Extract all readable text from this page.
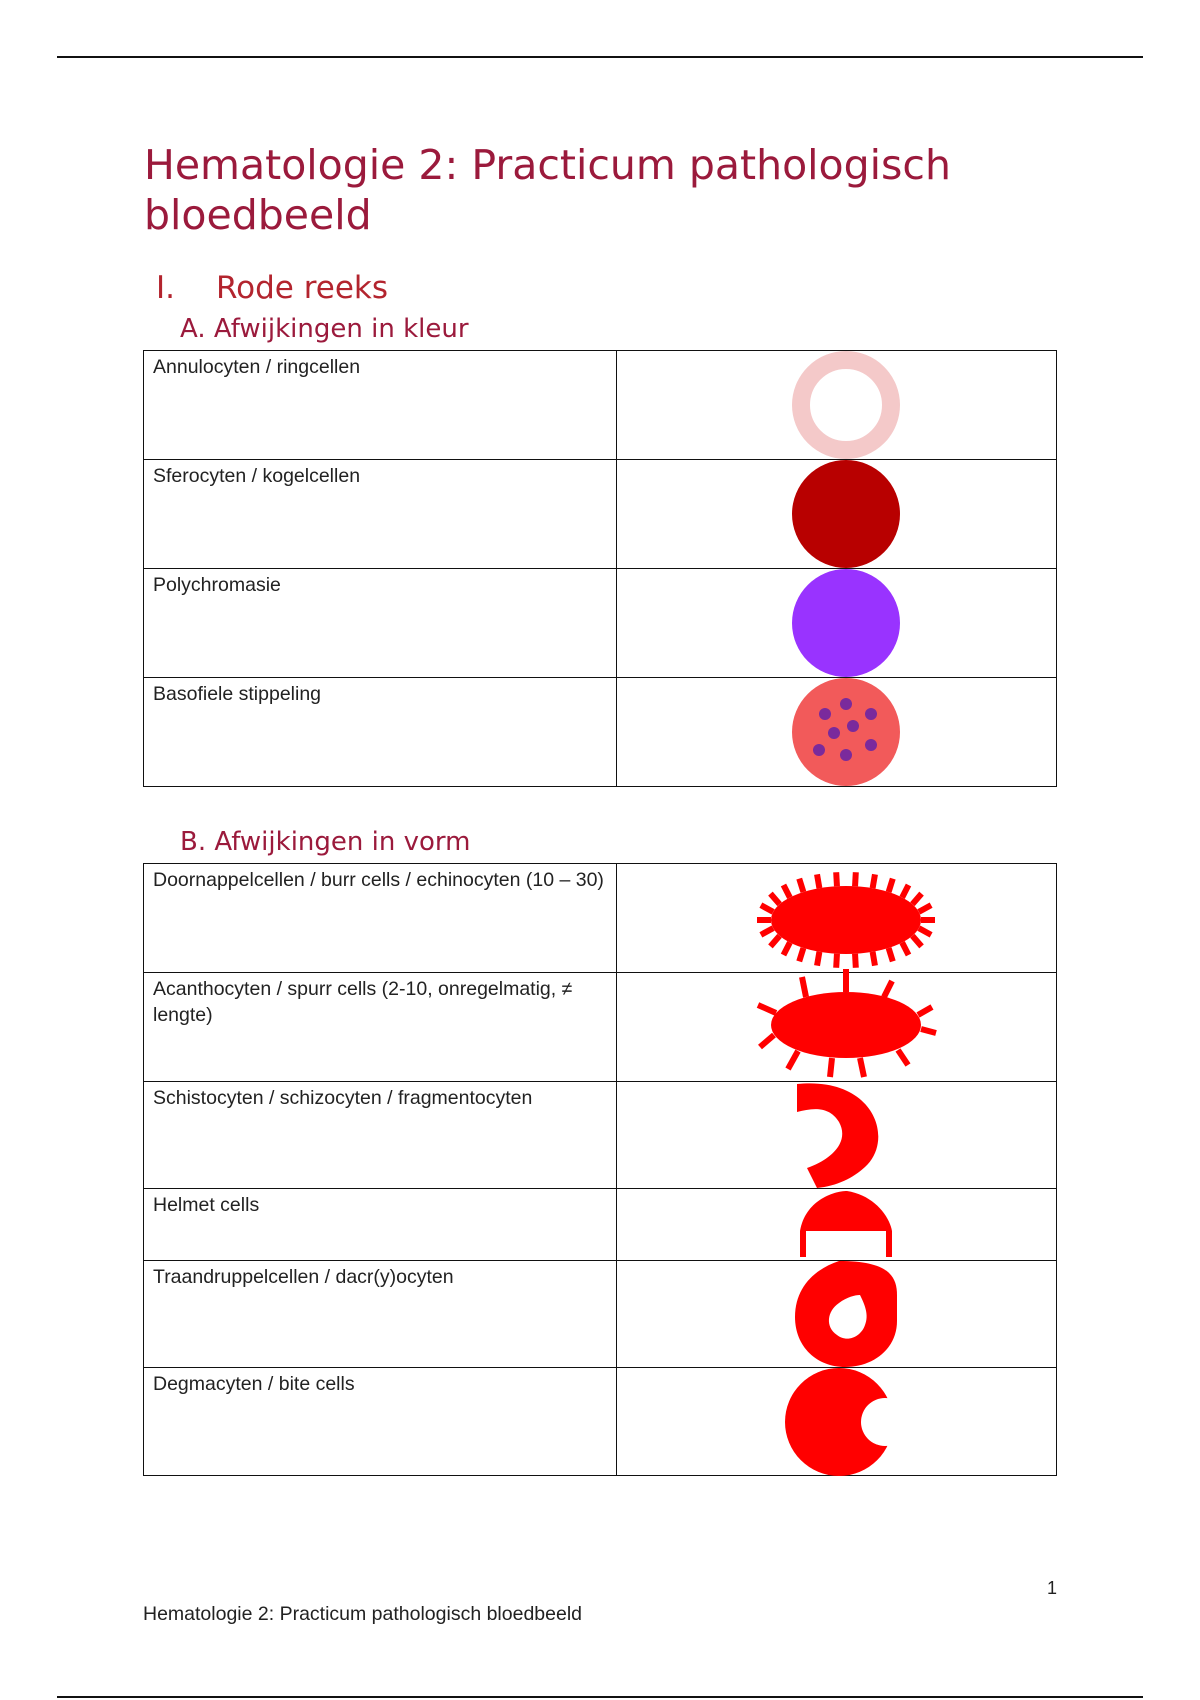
Hematologie 2: Practicum pathologisch bloedbeeld
I. Rode reeks
A. Afwijkingen in kleur
Annulocyten / ringcellen	

Sferocyten / kogelcellen	

Polychromasie	

Basofiele stippeling	
B. Afwijkingen in vorm
Doornappelcellen / burr cells / echinocyten (10 – 30)	

Acanthocyten / spurr cells (2-10, onregelmatig, ≠ lengte)	

Schistocyten / schizocyten / fragmentocyten	

Helmet cells	

Traandruppelcellen / dacr(y)ocyten	

Degmacyten / bite cells	
1
Hematologie 2: Practicum pathologisch bloedbeeld
